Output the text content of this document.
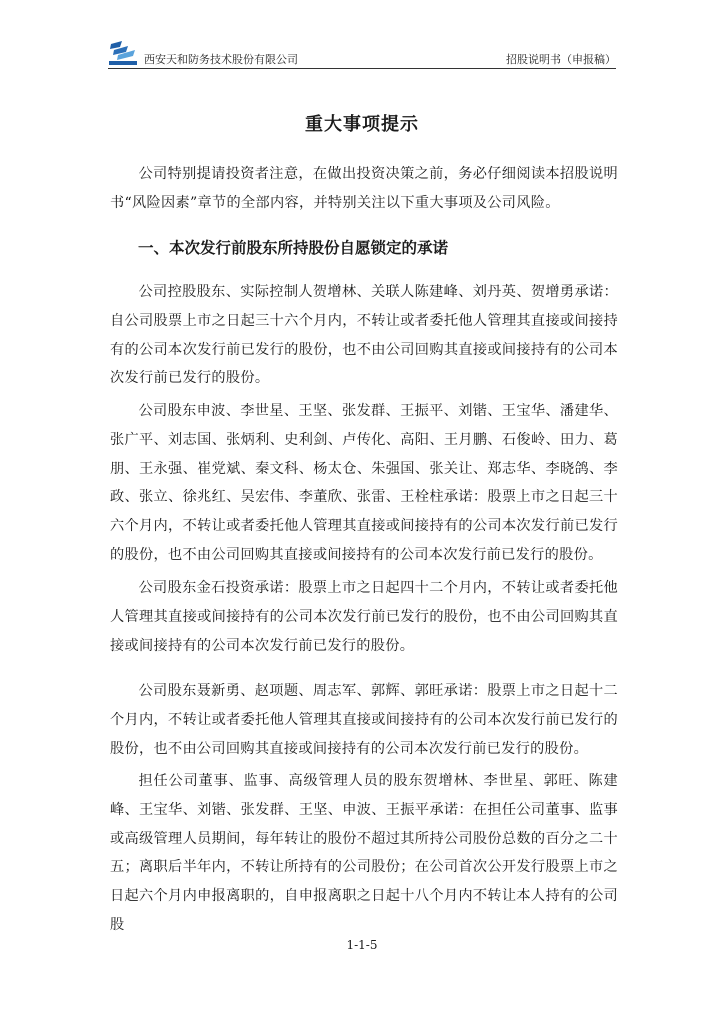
西安天和防务技术股份有限公司	招股说明书（申报稿）
重大事项提示

公司特别提请投资者注意，在做出投资决策之前，务必仔细阅读本招股说明书“风险因素”章节的全部内容，并特别关注以下重大事项及公司风险。

一、本次发行前股东所持股份自愿锁定的承诺

公司控股股东、实际控制人贺增林、关联人陈建峰、刘丹英、贺增勇承诺：自公司股票上市之日起三十六个月内，不转让或者委托他人管理其直接或间接持有的公司本次发行前已发行的股份，也不由公司回购其直接或间接持有的公司本次发行前已发行的股份。

公司股东申波、李世星、王坚、张发群、王振平、刘锴、王宝华、潘建华、张广平、刘志国、张炳利、史利剑、卢传化、高阳、王月鹏、石俊岭、田力、葛朋、王永强、崔党斌、秦文科、杨太仓、朱强国、张关让、郑志华、李晓鸽、李政、张立、徐兆红、吴宏伟、李董欣、张雷、王栓柱承诺：股票上市之日起三十六个月内，不转让或者委托他人管理其直接或间接持有的公司本次发行前已发行的股份，也不由公司回购其直接或间接持有的公司本次发行前已发行的股份。

公司股东金石投资承诺：股票上市之日起四十二个月内，不转让或者委托他人管理其直接或间接持有的公司本次发行前已发行的股份，也不由公司回购其直接或间接持有的公司本次发行前已发行的股份。

公司股东聂新勇、赵项题、周志军、郭辉、郭旺承诺：股票上市之日起十二个月内，不转让或者委托他人管理其直接或间接持有的公司本次发行前已发行的股份，也不由公司回购其直接或间接持有的公司本次发行前已发行的股份。

担任公司董事、监事、高级管理人员的股东贺增林、李世星、郭旺、陈建峰、王宝华、刘锴、张发群、王坚、申波、王振平承诺：在担任公司董事、监事或高级管理人员期间，每年转让的股份不超过其所持公司股份总数的百分之二十五；离职后半年内，不转让所持有的公司股份；在公司首次公开发行股票上市之日起六个月内申报离职的，自申报离职之日起十八个月内不转让本人持有的公司股

1-1-5
